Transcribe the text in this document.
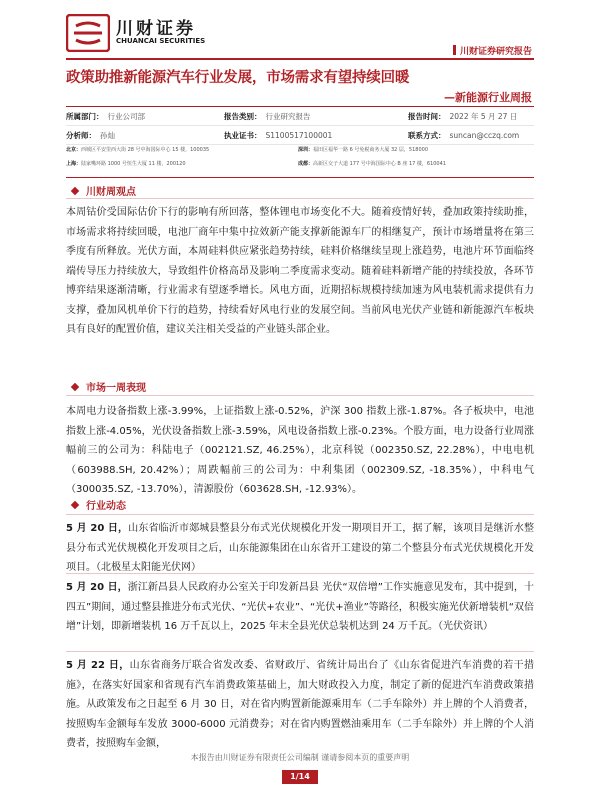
川财证券
CHUANCAI SECURITIES
川财证券研究报告
政策助推新能源汽车行业发展，市场需求有望持续回暖
—新能源行业周报
所属部门： 行业公司部	报告类别： 行业研究报告	报告时间： 2022 年 5 月 27 日
分析师： 孙灿	执业证书： S1100517100001	联系方式： suncan@cczq.com
北京：西城区平安里西大街 28 号中海国际中心 15 楼，100035	深圳：福田区福华一路 6 号免税商务大厦 32 层，518000
上海：陆家嘴环路 1000 号恒生大厦 11 楼，200120	成都：高新区交子大道 177 号中海国际中心 B 座 17 楼，610041
川财周观点
本周钴价受国际估价下行的影响有所回落，整体锂电市场变化不大。随着疫情好转，叠加政策持续助推，市场需求将持续回暖，电池厂商年中集中拉效新产能支撑新能源车厂的相继复产，预计市场增量将在第三季度有所释放。光伏方面，本周硅料供应紧张趋势持续，硅料价格继续呈现上涨趋势，电池片环节面临终端传导压力持续放大，导致组件价格高昂及影响二季度需求变动。随着硅料新增产能的持续投放，各环节博弈结果逐渐清晰，行业需求有望逐季增长。风电方面，近期招标规模持续加速为风电装机需求提供有力支撑，叠加风机单价下行的趋势，持续看好风电行业的发展空间。当前风电光伏产业链和新能源汽车板块具有良好的配置价值，建议关注相关受益的产业链头部企业。
市场一周表现
本周电力设备指数上涨-3.99%，上证指数上涨-0.52%，沪深 300 指数上涨-1.87%。各子板块中，电池指数上涨-4.05%，光伏设备指数上涨-3.59%，风电设备指数上涨-0.23%。个股方面，电力设备行业周涨幅前三的公司为：科陆电子（002121.SZ, 46.25%），北京科锐（002350.SZ, 22.28%），中电电机（603988.SH, 20.42%）；周跌幅前三的公司为：中利集团（002309.SZ, -18.35%），中科电气（300035.SZ, -13.70%），清源股份（603628.SH, -12.93%）。
行业动态
5 月 20 日，山东省临沂市郯城县整县分布式光伏规模化开发一期项目开工，据了解，该项目是继沂水整县分布式光伏规模化开发项目之后，山东能源集团在山东省开工建设的第二个整县分布式光伏规模化开发项目。（北极星太阳能光伏网）
5 月 20 日，浙江新昌县人民政府办公室关于印发新昌县 光伏“双倍增”工作实施意见发布，其中提到，十四五”期间，通过整县推进分布式光伏、“光伏+农业”、“光伏+渔业”等路径，积极实施光伏新增装机“双倍增”计划，即新增装机 16 万千瓦以上，2025 年末全县光伏总装机达到 24 万千瓦。（光伏资讯）
5 月 22 日，山东省商务厅联合省发改委、省财政厅、省统计局出台了《山东省促进汽车消费的若干措施》，在落实好国家和省现有汽车消费政策基础上，加大财政投入力度，制定了新的促进汽车消费政策措施。从政策发布之日起至 6 月 30 日，对在省内购置新能源乘用车（二手车除外）并上牌的个人消费者，按照购车金额每车发放 3000-6000 元消费券；对在省内购置燃油乘用车（二手车除外）并上牌的个人消费者，按照购车金额，
本报告由川财证券有限责任公司编制 谨请参阅本页的重要声明
1/14
